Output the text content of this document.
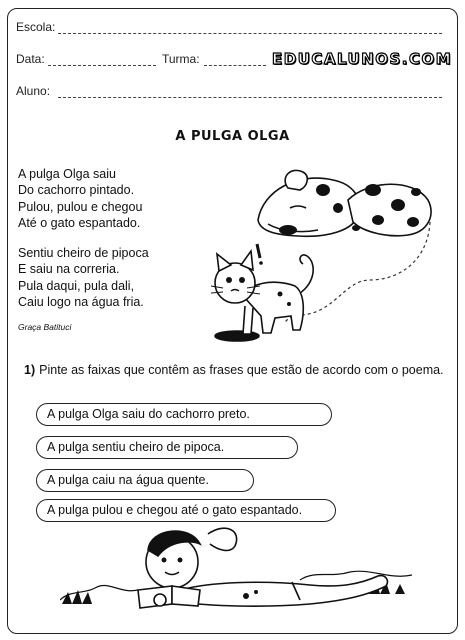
Escola:
Data:	Turma:	EDUCALUNOS.COM
Aluno:
A PULGA OLGA
A pulga Olga saiu
Do cachorro pintado.
Pulou, pulou e chegou
Até o gato espantado.
Sentiu cheiro de pipoca
E saiu na correria.
Pula daqui, pula dali,
Caiu logo na água fria.
Graça Batituci
1) Pinte as faixas que contêm as frases que estão de acordo com o poema.
A pulga Olga saiu do cachorro preto.
A pulga sentiu cheiro de pipoca.
A pulga caiu na água quente.
A pulga pulou e chegou até o gato espantado.
